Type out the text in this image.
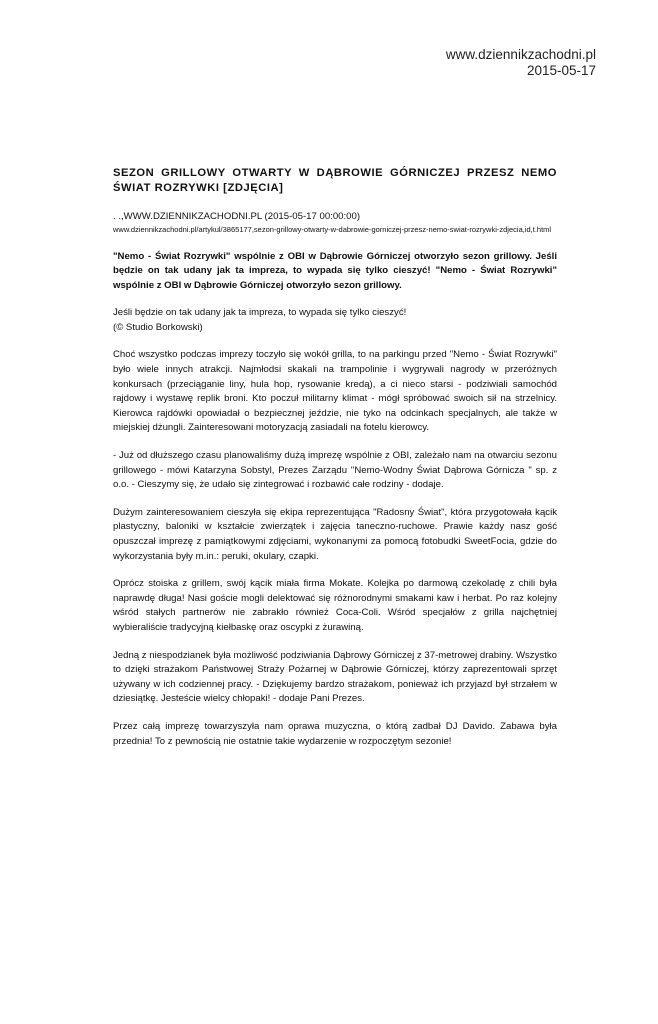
www.dziennikzachodni.pl
2015-05-17
SEZON GRILLOWY OTWARTY W DĄBROWIE GÓRNICZEJ PRZESZ NEMO ŚWIAT ROZRYWKI [ZDJĘCIA]
. .,WWW.DZIENNIKZACHODNI.PL (2015-05-17 00:00:00)
www.dziennikzachodni.pl/artykul/3865177,sezon-grillowy-otwarty-w-dabrowie-gorniczej-przesz-nemo-swiat-rozrywki-zdjecia,id,t.html
"Nemo - Świat Rozrywki" wspólnie z OBI w Dąbrowie Górniczej otworzyło sezon grillowy. Jeśli będzie on tak udany jak ta impreza, to wypada się tylko cieszyć! "Nemo - Świat Rozrywki" wspólnie z OBI w Dąbrowie Górniczej otworzyło sezon grillowy.
Jeśli będzie on tak udany jak ta impreza, to wypada się tylko cieszyć!
(© Studio Borkowski)
Choć wszystko podczas imprezy toczyło się wokół grilla, to na parkingu przed "Nemo - Świat Rozrywki" było wiele innych atrakcji. Najmłodsi skakali na trampolinie i wygrywali nagrody w przeróżnych konkursach (przeciąganie liny, hula hop, rysowanie kredą), a ci nieco starsi - podziwiali samochód rajdowy i wystawę replik broni. Kto poczuł militarny klimat - mógł spróbować swoich sił na strzelnicy. Kierowca rajdówki opowiadał o bezpiecznej jeździe, nie tyko na odcinkach specjalnych, ale także w miejskiej dżungli. Zainteresowani motoryzacją zasiadali na fotelu kierowcy.
- Już od dłuższego czasu planowaliśmy dużą imprezę wspólnie z OBI, zależało nam na otwarciu sezonu grillowego - mówi Katarzyna Sobstyl, Prezes Zarządu "Nemo-Wodny Świat Dąbrowa Górnicza " sp. z o.o. - Cieszymy się, że udało się zintegrować i rozbawić całe rodziny - dodaje.
Dużym zainteresowaniem cieszyła się ekipa reprezentująca "Radosny Świat", która przygotowała kącik plastyczny, baloniki w kształcie zwierzątek i zajęcia taneczno-ruchowe. Prawie każdy nasz gość opuszczał imprezę z pamiątkowymi zdjęciami, wykonanymi za pomocą fotobudki SweetFocia, gdzie do wykorzystania były m.in.: peruki, okulary, czapki.
Oprócz stoiska z grillem, swój kącik miała firma Mokate. Kolejka po darmową czekoladę z chili była naprawdę długa! Nasi goście mogli delektować się różnorodnymi smakami kaw i herbat. Po raz kolejny wśród stałych partnerów nie zabrakło również Coca-Coli. Wśród specjałów z grilla najchętniej wybieraliście tradycyjną kiełbaskę oraz oscypki z żurawiną.
Jedną z niespodzianek była możliwość podziwiania Dąbrowy Górniczej z 37-metrowej drabiny. Wszystko to dzięki strażakom Państwowej Straży Pożarnej w Dąbrowie Górniczej, którzy zaprezentowali sprzęt używany w ich codziennej pracy. - Dziękujemy bardzo strażakom, ponieważ ich przyjazd był strzałem w dziesiątkę. Jesteście wielcy chłopaki! - dodaje Pani Prezes.
Przez całą imprezę towarzyszyła nam oprawa muzyczna, o którą zadbał DJ Davido. Zabawa była przednia! To z pewnością nie ostatnie takie wydarzenie w rozpoczętym sezonie!
